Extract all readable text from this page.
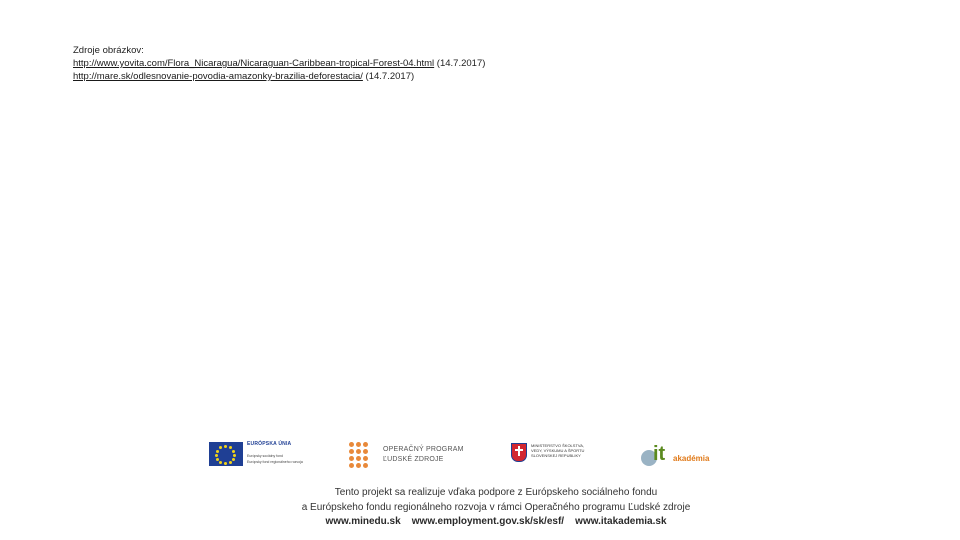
Zdroje obrázkov:
http://www.yovita.com/Flora_Nicaragua/Nicaraguan-Caribbean-tropical-Forest-04.html (14.7.2017)
http://mare.sk/odlesnovanie-povodia-amazonky-brazilia-deforestacia/ (14.7.2017)
EURÓPSKA ÚNIA
Európsky sociálny fond
Európsky fond regionálneho rozvoja
OPERAČNÝ PROGRAM
ĽUDSKÉ ZDROJE
MINISTERSTVO ŠKOLSTVA, VEDY, VÝSKUMU A ŠPORTU SLOVENSKEJ REPUBLIKY	it akadémia
Tento projekt sa realizuje vďaka podpore z Európskeho sociálneho fondu
a Európskeho fondu regionálneho rozvoja v rámci Operačného programu Ľudské zdroje
www.minedu.sk    www.employment.gov.sk/sk/esf/    www.itakademia.sk
